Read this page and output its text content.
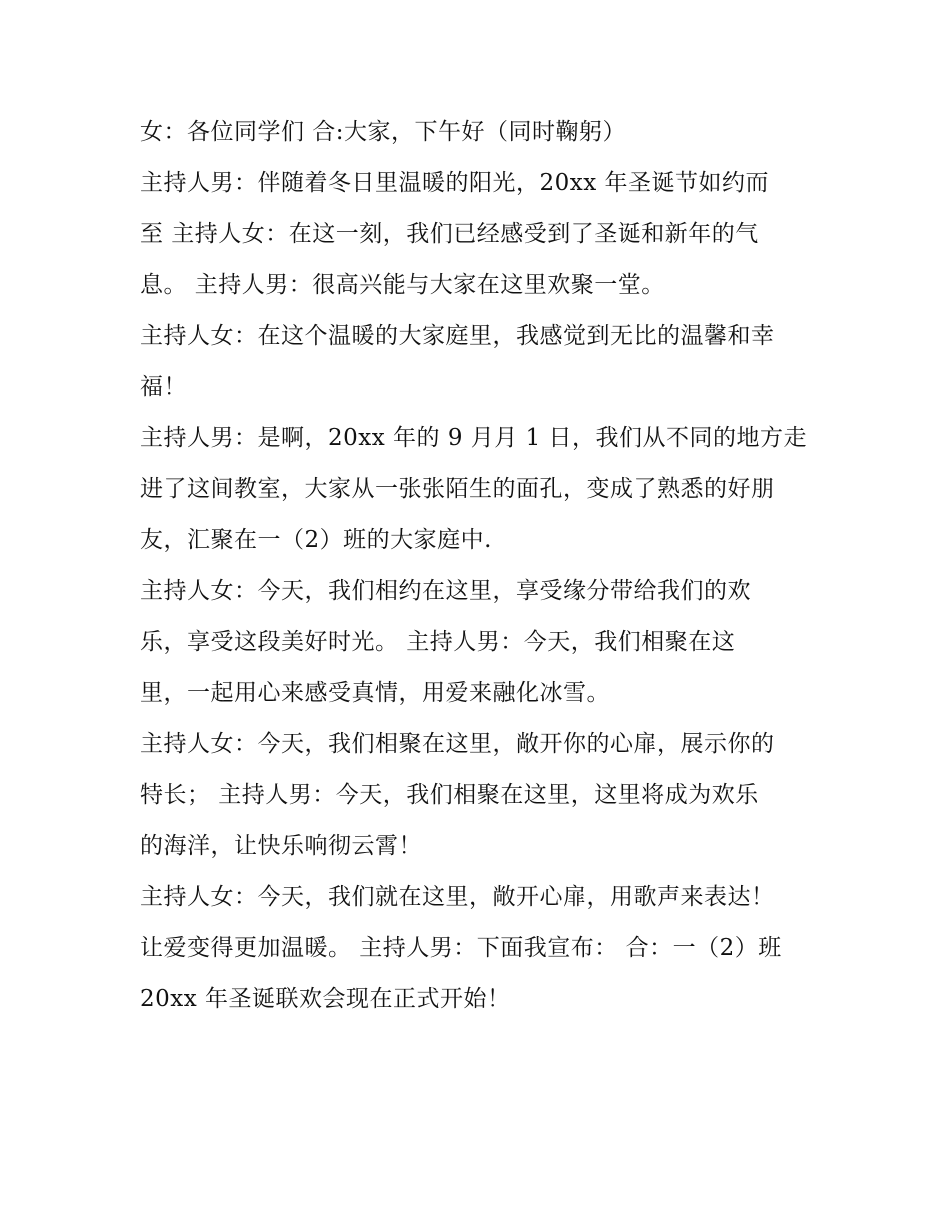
女：各位同学们 合:大家，下午好（同时鞠躬）
主持人男：伴随着冬日里温暖的阳光，20xx 年圣诞节如约而
至 主持人女：在这一刻，我们已经感受到了圣诞和新年的气
息。 主持人男：很高兴能与大家在这里欢聚一堂。
主持人女：在这个温暖的大家庭里，我感觉到无比的温馨和幸
福！
主持人男：是啊，20xx 年的 9 月月 1 日，我们从不同的地方走
进了这间教室，大家从一张张陌生的面孔，变成了熟悉的好朋
友，汇聚在一（2）班的大家庭中.
主持人女：今天，我们相约在这里，享受缘分带给我们的欢
乐，享受这段美好时光。 主持人男：今天，我们相聚在这
里，一起用心来感受真情，用爱来融化冰雪。
主持人女：今天，我们相聚在这里，敞开你的心扉，展示你的
特长； 主持人男：今天，我们相聚在这里，这里将成为欢乐
的海洋，让快乐响彻云霄！
主持人女：今天，我们就在这里，敞开心扉，用歌声来表达！
让爱变得更加温暖。 主持人男：下面我宣布： 合：一（2）班
20xx 年圣诞联欢会现在正式开始！
